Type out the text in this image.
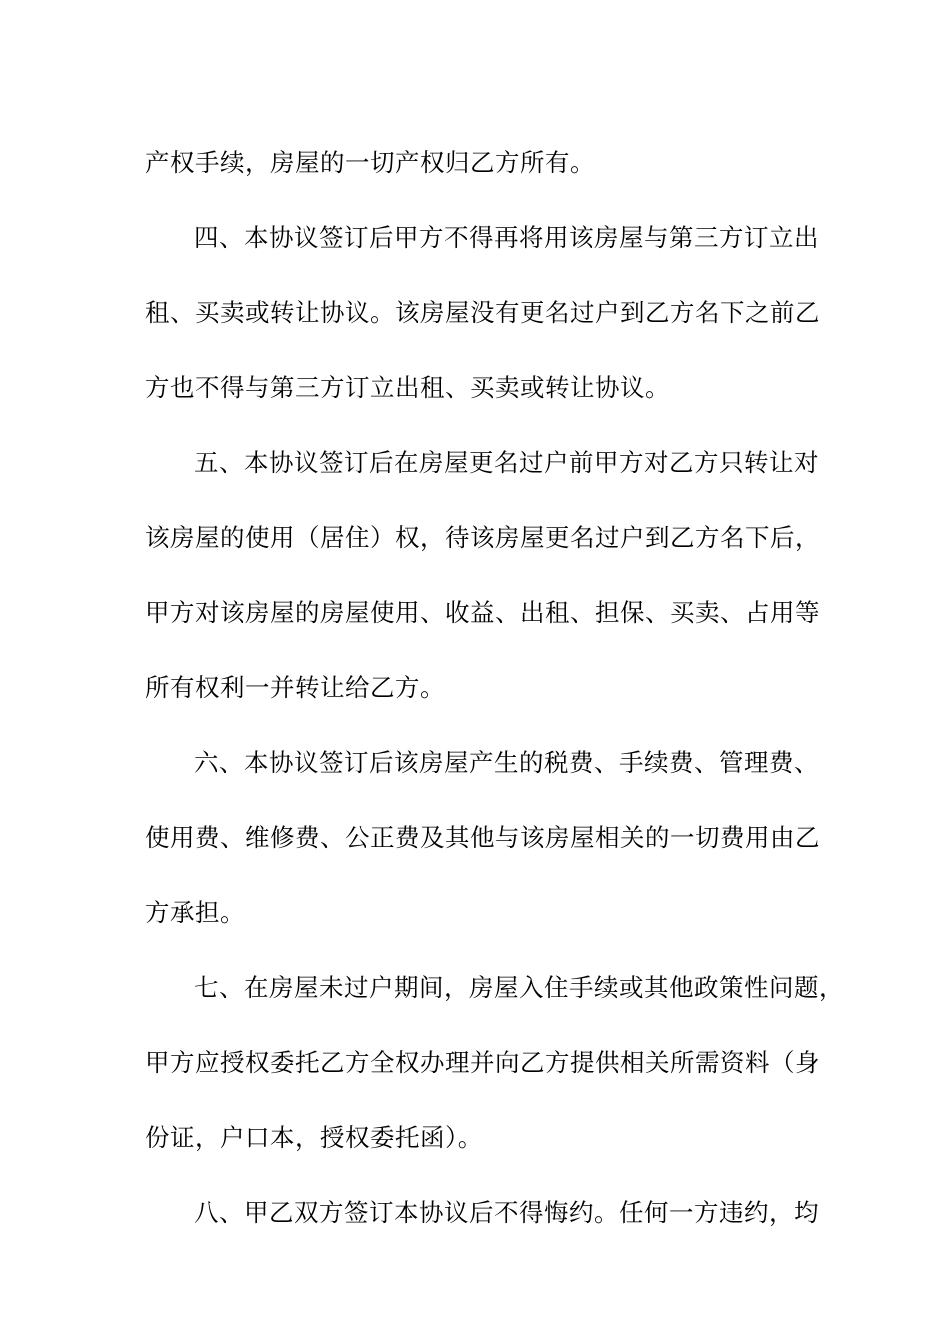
产权手续，房屋的一切产权归乙方所有。
四、本协议签订后甲方不得再将用该房屋与第三方订立出
租、买卖或转让协议。该房屋没有更名过户到乙方名下之前乙
方也不得与第三方订立出租、买卖或转让协议。
五、本协议签订后在房屋更名过户前甲方对乙方只转让对
该房屋的使用（居住）权，待该房屋更名过户到乙方名下后，
甲方对该房屋的房屋使用、收益、出租、担保、买卖、占用等
所有权利一并转让给乙方。
六、本协议签订后该房屋产生的税费、手续费、管理费、
使用费、维修费、公正费及其他与该房屋相关的一切费用由乙
方承担。
七、在房屋未过户期间，房屋入住手续或其他政策性问题，
甲方应授权委托乙方全权办理并向乙方提供相关所需资料（身
份证，户口本，授权委托函）。
八、甲乙双方签订本协议后不得悔约。任何一方违约，均
